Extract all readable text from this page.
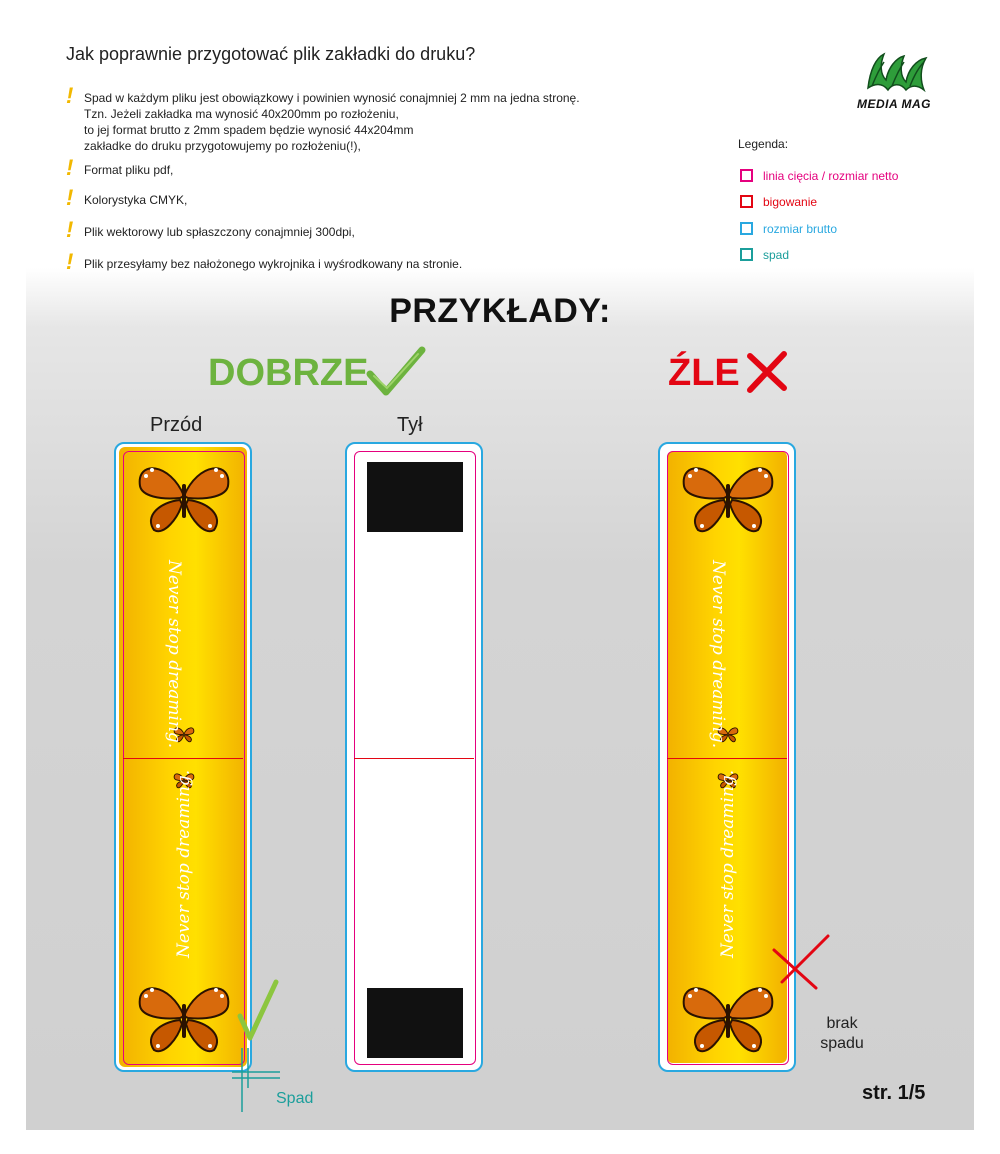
Jak poprawnie przygotować plik zakładki do druku?
! Spad w każdym pliku jest obowiązkowy i powinien wynosić conajmniej 2 mm na jedna stronę.
Tzn. Jeżeli zakładka ma wynosić 40x200mm po rozłożeniu,
to jej format brutto z 2mm spadem będzie wynosić 44x204mm
zakładke do druku przygotowujemy po rozłożeniu(!),
! Format pliku pdf,
! Kolorystyka CMYK,
! Plik wektorowy lub spłaszczony conajmniej 300dpi,
! Plik przesyłamy bez nałożonego wykrojnika i wyśrodkowany na stronie.
MEDIA MAG
Legenda:
linia cięcia / rozmiar netto
bigowanie
rozmiar brutto
spad
PRZYKŁADY:
DOBRZE	ŹLE
Przód	Tył
Never stop dreaming.
Never stop dreaming.
Spad
Never stop dreaming.
Never stop dreaming.
brak
spadu
str. 1/5
